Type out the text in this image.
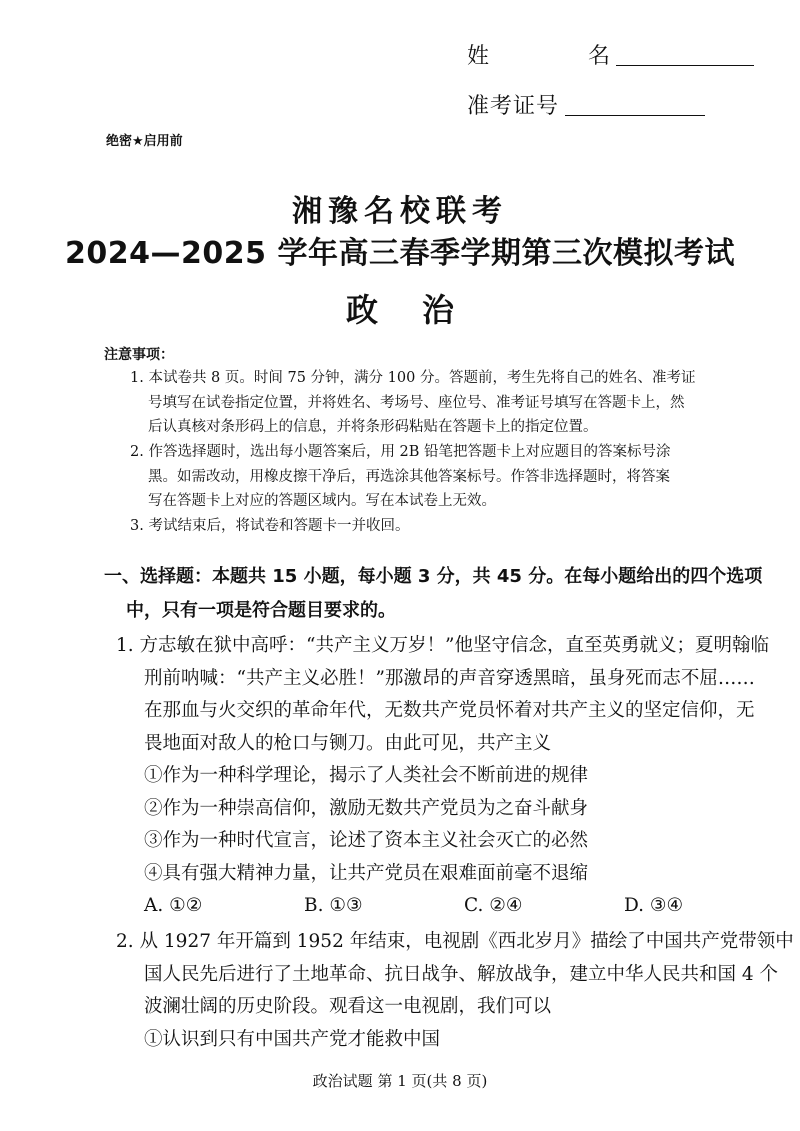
姓 名
准考证号
绝密★启用前
湘豫名校联考
2024—2025 学年高三春季学期第三次模拟考试
政治
注意事项：
1. 本试卷共 8 页。时间 75 分钟，满分 100 分。答题前，考生先将自己的姓名、准考证
号填写在试卷指定位置，并将姓名、考场号、座位号、准考证号填写在答题卡上，然
后认真核对条形码上的信息，并将条形码粘贴在答题卡上的指定位置。
2. 作答选择题时，选出每小题答案后，用 2B 铅笔把答题卡上对应题目的答案标号涂
黑。如需改动，用橡皮擦干净后，再选涂其他答案标号。作答非选择题时，将答案
写在答题卡上对应的答题区域内。写在本试卷上无效。
3. 考试结束后，将试卷和答题卡一并收回。
一、选择题：本题共 15 小题，每小题 3 分，共 45 分。在每小题给出的四个选项
中，只有一项是符合题目要求的。
1. 方志敏在狱中高呼：“共产主义万岁！”他坚守信念，直至英勇就义；夏明翰临
刑前呐喊：“共产主义必胜！”那激昂的声音穿透黑暗，虽身死而志不屈……
在那血与火交织的革命年代，无数共产党员怀着对共产主义的坚定信仰，无
畏地面对敌人的枪口与铡刀。由此可见，共产主义
①作为一种科学理论，揭示了人类社会不断前进的规律
②作为一种崇高信仰，激励无数共产党员为之奋斗献身
③作为一种时代宣言，论述了资本主义社会灭亡的必然
④具有强大精神力量，让共产党员在艰难面前毫不退缩
A. ①②	B. ①③	C. ②④	D. ③④
2. 从 1927 年开篇到 1952 年结束，电视剧《西北岁月》描绘了中国共产党带领中
国人民先后进行了土地革命、抗日战争、解放战争，建立中华人民共和国 4 个
波澜壮阔的历史阶段。观看这一电视剧，我们可以
①认识到只有中国共产党才能救中国
政治试题 第 1 页(共 8 页)
